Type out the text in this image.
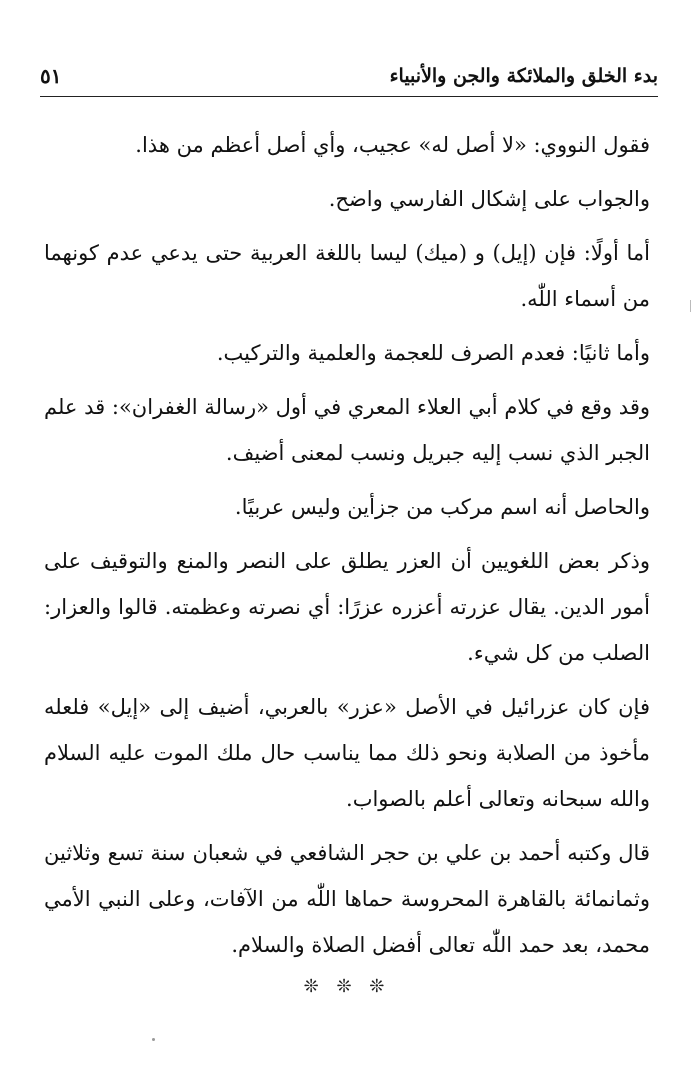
بدء الخلق والملائكة والجن والأنبياء
٥١

فقول النووي: «لا أصل له» عجيب، وأي أصل أعظم من هذا.

والجواب على إشكال الفارسي واضح.

أما أولًا: فإن (إيل) و (ميك) ليسا باللغة العربية حتى يدعي عدم كونهما من أسماء اللّٰه.

وأما ثانيًا: فعدم الصرف للعجمة والعلمية والتركيب.

وقد وقع في كلام أبي العلاء المعري في أول «رسالة الغفران»: قد علم الجبر الذي نسب إليه جبريل ونسب لمعنى أضيف.

والحاصل أنه اسم مركب من جزأين وليس عربيًا.

وذكر بعض اللغويين أن العزر يطلق على النصر والمنع والتوقيف على أمور الدين. يقال عزرته أعزره عزرًا: أي نصرته وعظمته. قالوا والعزار: الصلب من كل شيء.

فإن كان عزرائيل في الأصل «عزر» بالعربي، أضيف إلى «إيل» فلعله مأخوذ من الصلابة ونحو ذلك مما يناسب حال ملك الموت عليه السلام والله سبحانه وتعالى أعلم بالصواب.

قال وكتبه أحمد بن علي بن حجر الشافعي في شعبان سنة تسع وثلاثين وثمانمائة بالقاهرة المحروسة حماها اللّٰه من الآفات، وعلى النبي الأمي محمد، بعد حمد اللّٰه تعالى أفضل الصلاة والسلام.

❊ ❊ ❊
